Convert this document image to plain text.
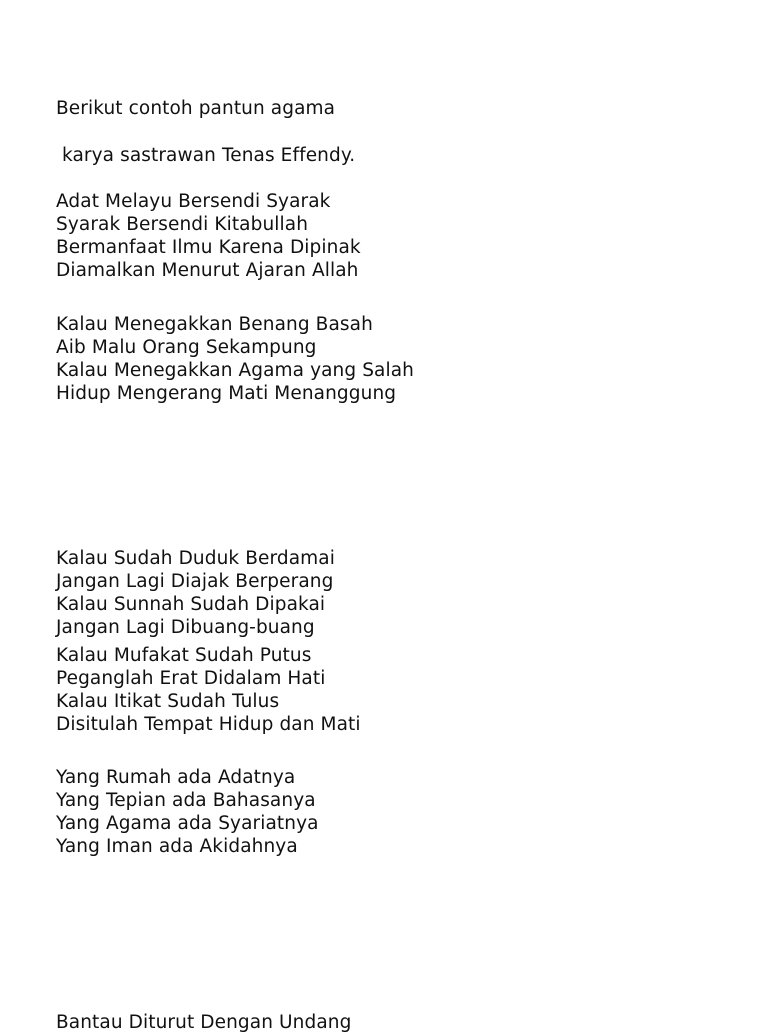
Berikut contoh pantun agama
karya sastrawan Tenas Effendy.
Adat Melayu Bersendi Syarak
Syarak Bersendi Kitabullah
Bermanfaat Ilmu Karena Dipinak
Diamalkan Menurut Ajaran Allah
Kalau Menegakkan Benang Basah
Aib Malu Orang Sekampung
Kalau Menegakkan Agama yang Salah
Hidup Mengerang Mati Menanggung
Kalau Sudah Duduk Berdamai
Jangan Lagi Diajak Berperang
Kalau Sunnah Sudah Dipakai
Jangan Lagi Dibuang-buang
Kalau Mufakat Sudah Putus
Peganglah Erat Didalam Hati
Kalau Itikat Sudah Tulus
Disitulah Tempat Hidup dan Mati
Yang Rumah ada Adatnya
Yang Tepian ada Bahasanya
Yang Agama ada Syariatnya
Yang Iman ada Akidahnya
Bantau Diturut Dengan Undang
